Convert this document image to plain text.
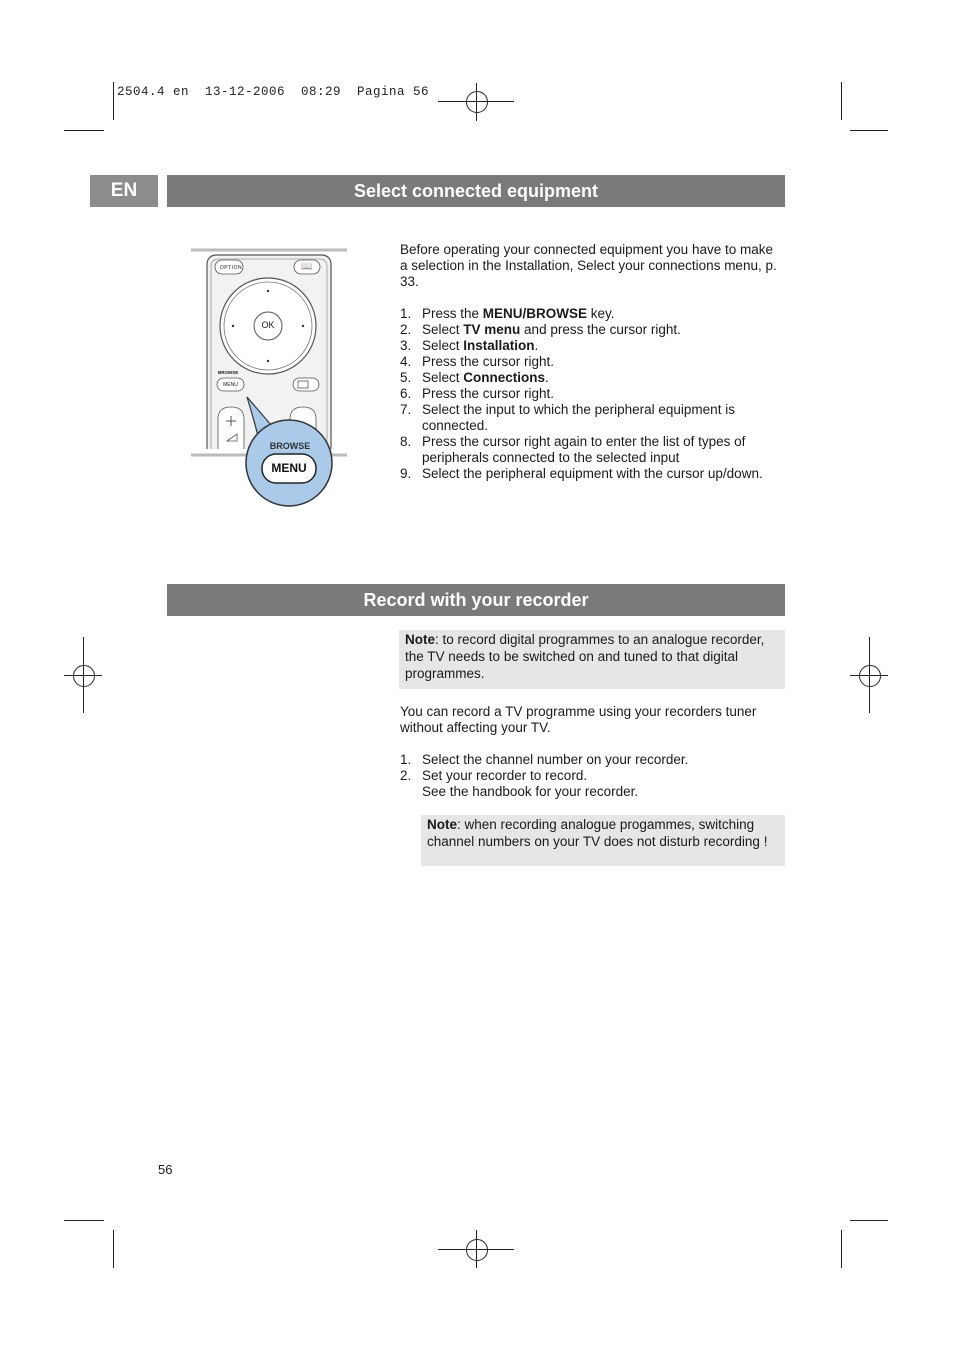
2504.4 en  13-12-2006  08:29  Pagina 56
EN	Select connected equipment
OPTION	📖
OK
BROWSE
MENU
BROWSE
MENU
Before operating your connected equipment you have to make a selection in the Installation, Select your connections menu, p. 33.
1. Press the MENU/BROWSE key.
2. Select TV menu and press the cursor right.
3. Select Installation.
4. Press the cursor right.
5. Select Connections.
6. Press the cursor right.
7. Select the input to which the peripheral equipment is connected.
8. Press the cursor right again to enter the list of types of peripherals connected to the selected input
9. Select the peripheral equipment with the cursor up/down.
Record with your recorder
Note: to record digital programmes to an analogue recorder, the TV needs to be switched on and tuned to that digital programmes.
You can record a TV programme using your recorders tuner without affecting your TV.
1. Select the channel number on your recorder.
2. Set your recorder to record.
See the handbook for your recorder.
Note: when recording analogue progammes, switching channel numbers on your TV does not disturb recording !
56
